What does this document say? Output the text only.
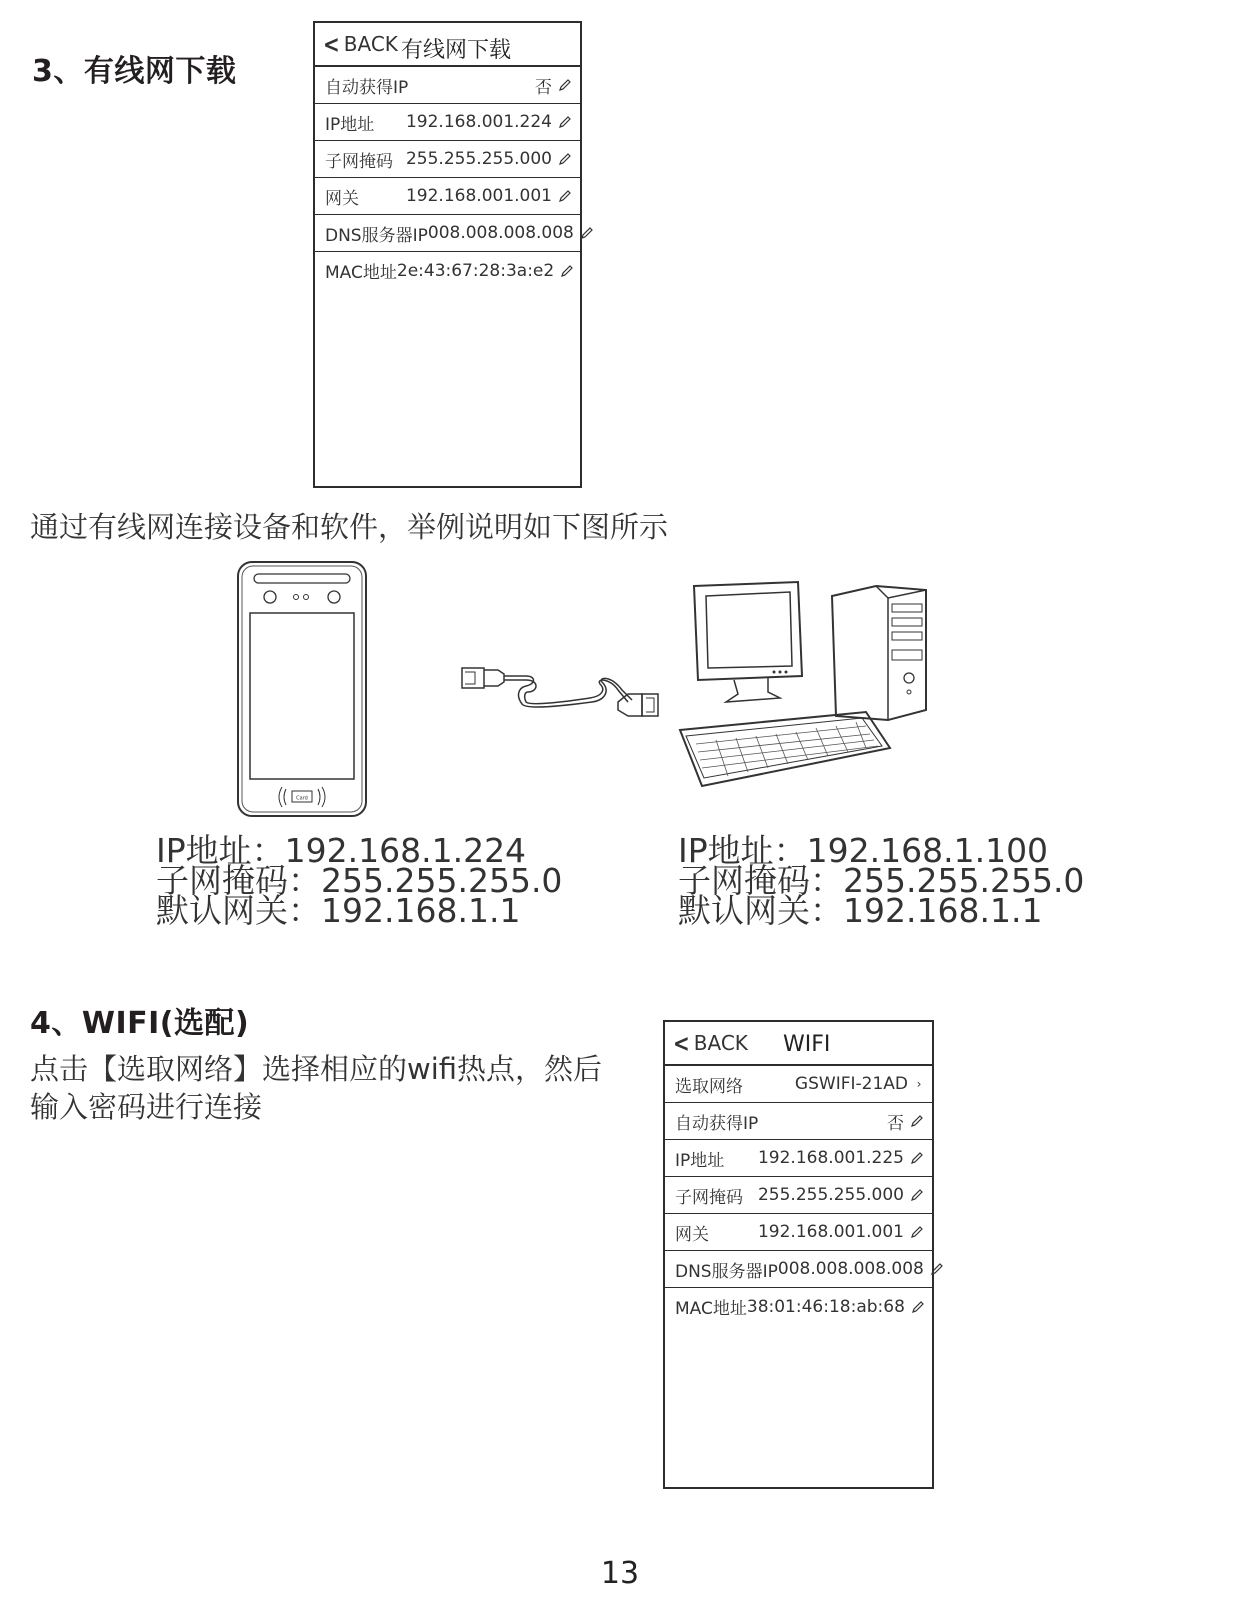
3、有线网下载
< BACK 有线网下载
自动获得IP	否
IP地址	192.168.001.224
子网掩码 255.255.255.000
网关	192.168.001.001
DNS服务器IP 008.008.008.008
MAC地址 2e:43:67:28:3a:e2
通过有线网连接设备和软件，举例说明如下图所示
Card
IP地址：192.168.1.224
子网掩码：255.255.255.0
默认网关：192.168.1.1
IP地址：192.168.1.100
子网掩码：255.255.255.0
默认网关：192.168.1.1
4、WIFI(选配)
点击【选取网络】选择相应的wifi热点，然后
输入密码进行连接
< BACK WIFI
选取网络	GSWIFI-21AD ›
自动获得IP	否
IP地址	192.168.001.225
子网掩码 255.255.255.000
网关	192.168.001.001
DNS服务器IP 008.008.008.008
MAC地址 38:01:46:18:ab:68
13
